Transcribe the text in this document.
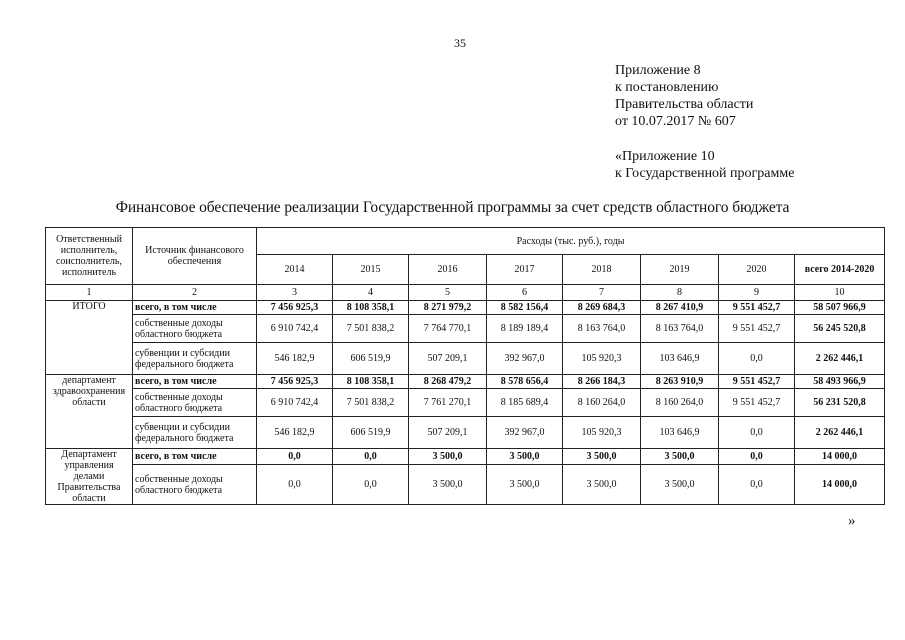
35
Приложение 8
к постановлению
Правительства области
от 10.07.2017 № 607
«Приложение 10
к Государственной программе
Финансовое обеспечение реализации Государственной программы за счет средств областного бюджета
Ответственный исполнитель, соисполнитель, исполнитель	Источник финансового обеспечения	Расходы (тыс. руб.), годы							
		2014	2015	2016	2017	2018	2019	2020	всего 2014-2020
1	2	3	4	5	6	7	8	9	10
ИТОГО	всего, в том числе	7 456 925,3	8 108 358,1	8 271 979,2	8 582 156,4	8 269 684,3	8 267 410,9	9 551 452,7	58 507 966,9
	собственные доходы областного бюджета	6 910 742,4	7 501 838,2	7 764 770,1	8 189 189,4	8 163 764,0	8 163 764,0	9 551 452,7	56 245 520,8
	субвенции и субсидии федерального бюджета	546 182,9	606 519,9	507 209,1	392 967,0	105 920,3	103 646,9	0,0	2 262 446,1
департамент здравоохранения области	всего, в том числе	7 456 925,3	8 108 358,1	8 268 479,2	8 578 656,4	8 266 184,3	8 263 910,9	9 551 452,7	58 493 966,9
	собственные доходы областного бюджета	6 910 742,4	7 501 838,2	7 761 270,1	8 185 689,4	8 160 264,0	8 160 264,0	9 551 452,7	56 231 520,8
	субвенции и субсидии федерального бюджета	546 182,9	606 519,9	507 209,1	392 967,0	105 920,3	103 646,9	0,0	2 262 446,1
Департамент управления делами Правительства области	всего, в том числе	0,0	0,0	3 500,0	3 500,0	3 500,0	3 500,0	0,0	14 000,0
	собственные доходы областного бюджета	0,0	0,0	3 500,0	3 500,0	3 500,0	3 500,0	0,0	14 000,0
»
